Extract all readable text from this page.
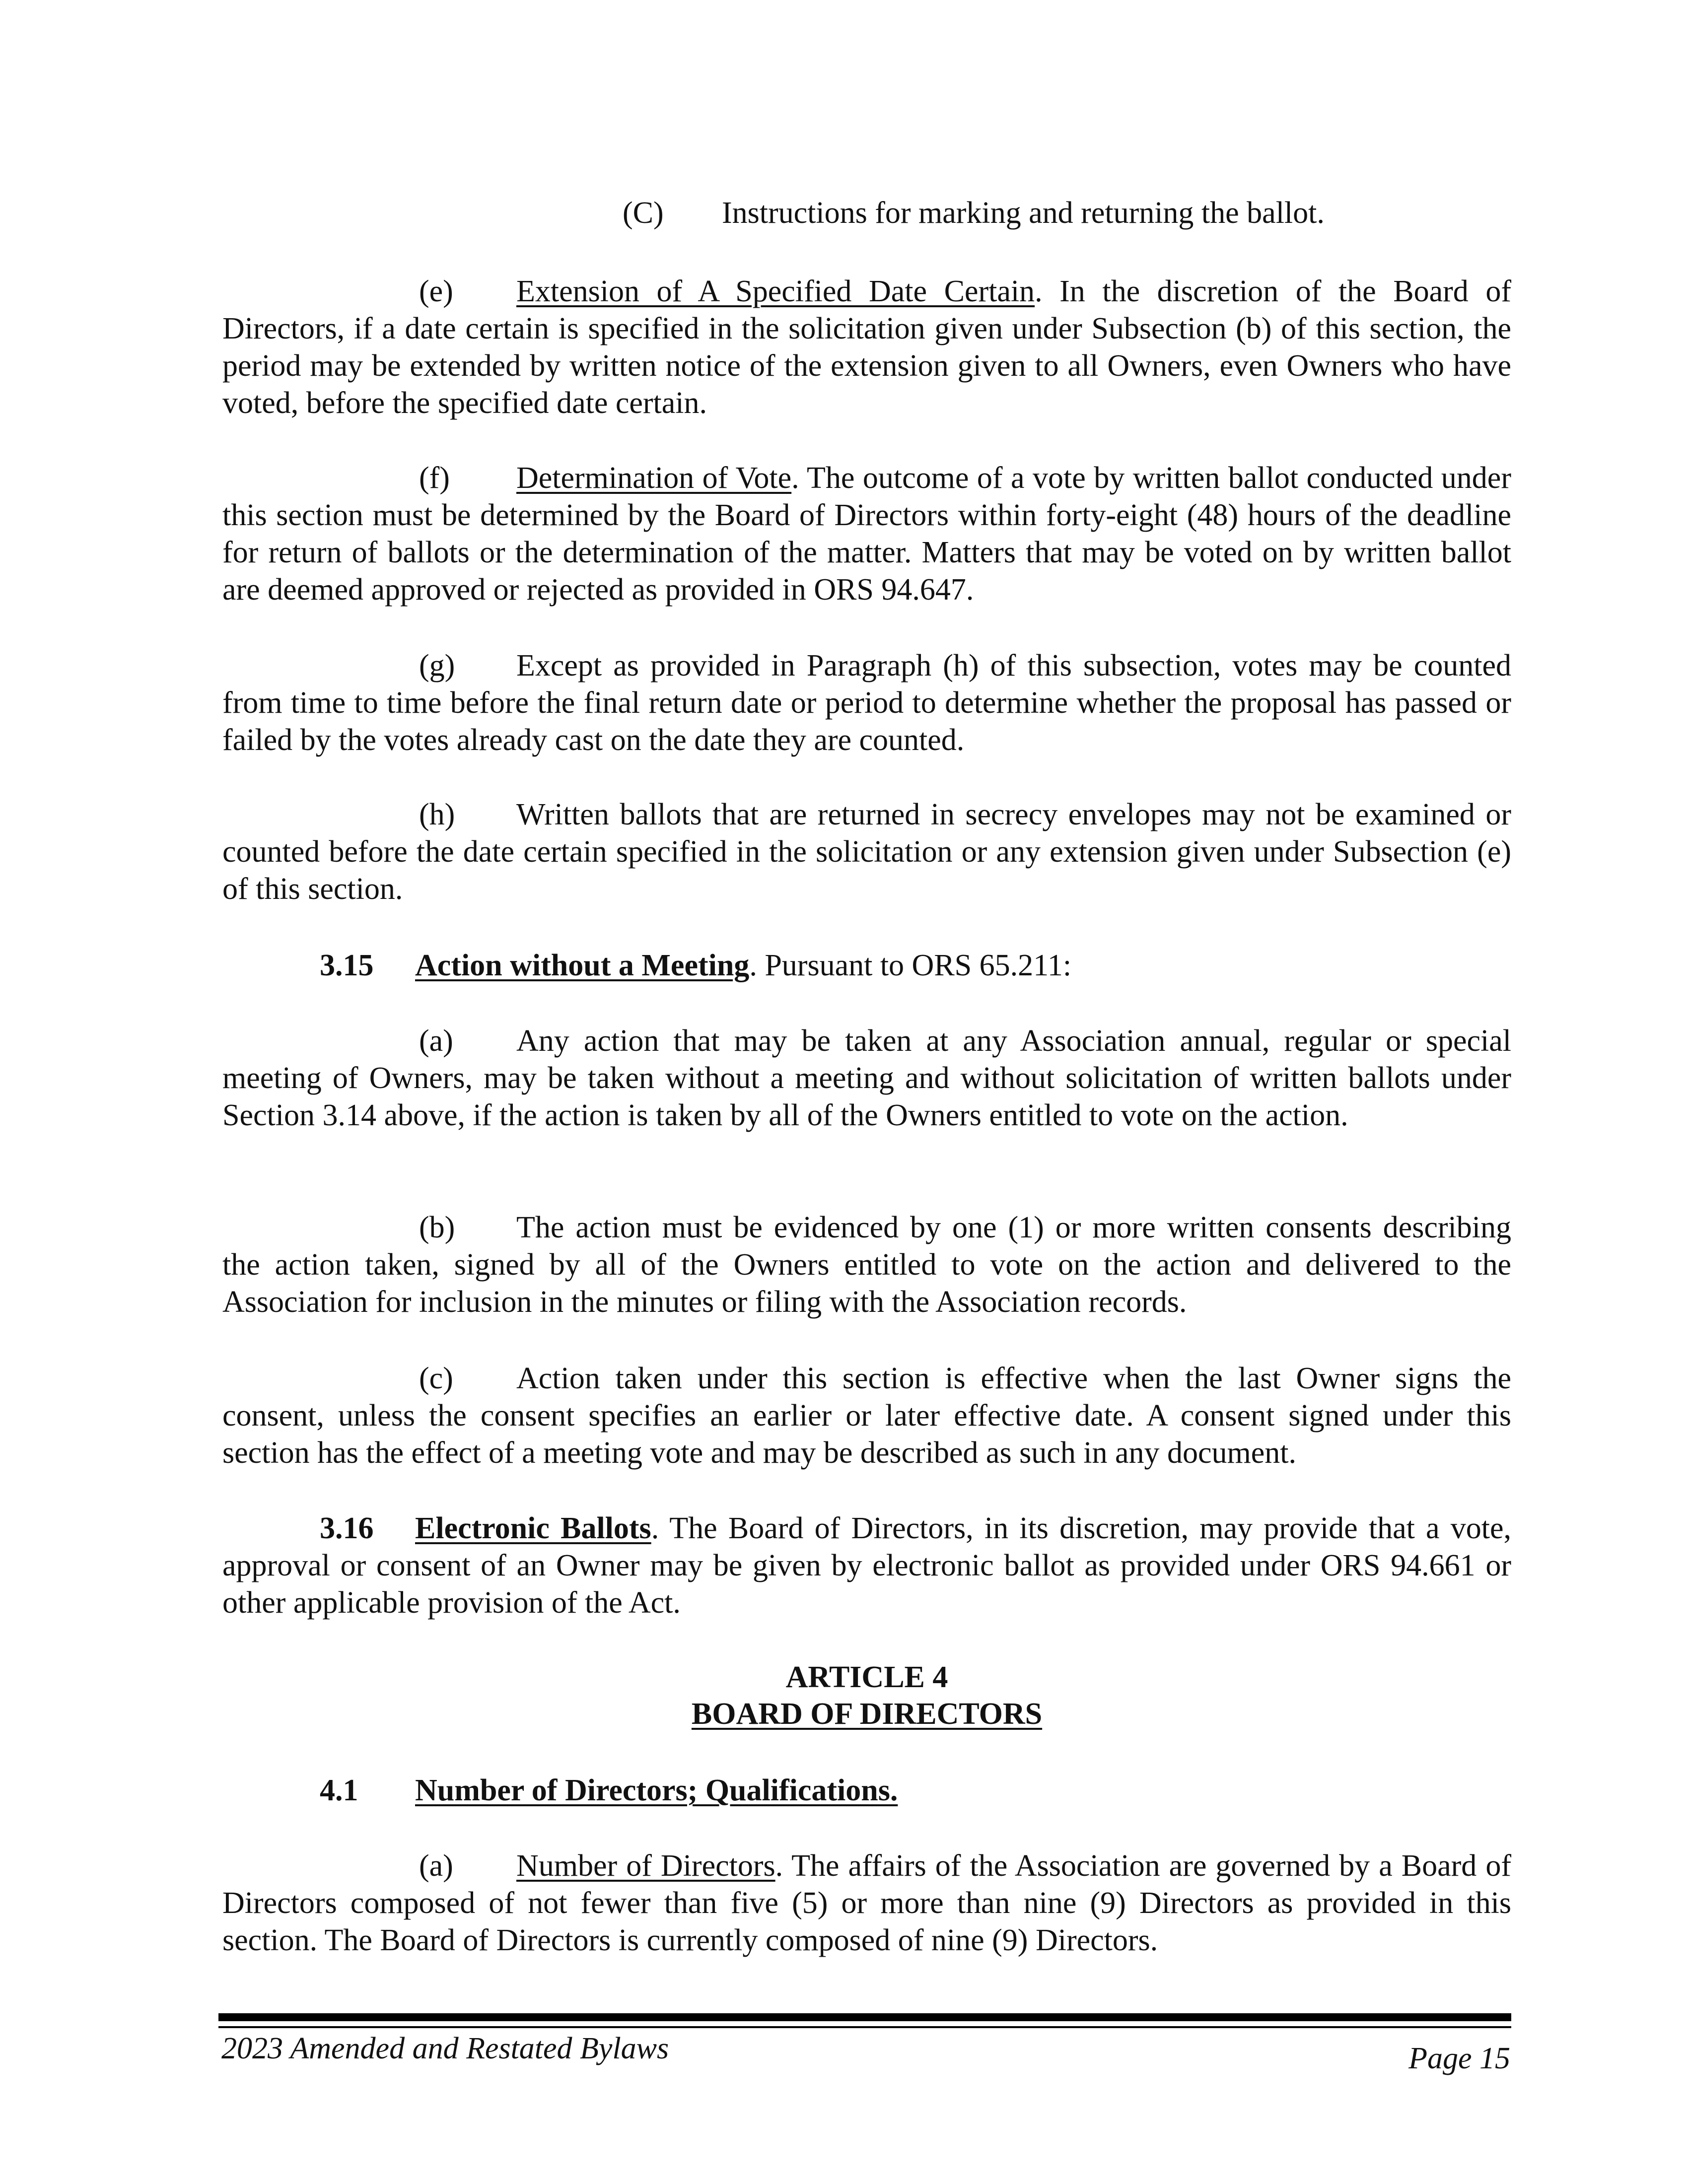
(C) Instructions for marking and returning the ballot.
(e) Extension of A Specified Date Certain. In the discretion of the Board of Directors, if a date certain is specified in the solicitation given under Subsection (b) of this section, the period may be extended by written notice of the extension given to all Owners, even Owners who have voted, before the specified date certain.
(f) Determination of Vote. The outcome of a vote by written ballot conducted under this section must be determined by the Board of Directors within forty-eight (48) hours of the deadline for return of ballots or the determination of the matter. Matters that may be voted on by written ballot are deemed approved or rejected as provided in ORS 94.647.
(g) Except as provided in Paragraph (h) of this subsection, votes may be counted from time to time before the final return date or period to determine whether the proposal has passed or failed by the votes already cast on the date they are counted.
(h) Written ballots that are returned in secrecy envelopes may not be examined or counted before the date certain specified in the solicitation or any extension given under Subsection (e) of this section.
3.15 Action without a Meeting. Pursuant to ORS 65.211:
(a) Any action that may be taken at any Association annual, regular or special meeting of Owners, may be taken without a meeting and without solicitation of written ballots under Section 3.14 above, if the action is taken by all of the Owners entitled to vote on the action.
(b) The action must be evidenced by one (1) or more written consents describing the action taken, signed by all of the Owners entitled to vote on the action and delivered to the Association for inclusion in the minutes or filing with the Association records.
(c) Action taken under this section is effective when the last Owner signs the consent, unless the consent specifies an earlier or later effective date. A consent signed under this section has the effect of a meeting vote and may be described as such in any document.
3.16 Electronic Ballots. The Board of Directors, in its discretion, may provide that a vote, approval or consent of an Owner may be given by electronic ballot as provided under ORS 94.661 or other applicable provision of the Act.
ARTICLE 4
BOARD OF DIRECTORS
4.1 Number of Directors; Qualifications.
(a) Number of Directors. The affairs of the Association are governed by a Board of Directors composed of not fewer than five (5) or more than nine (9) Directors as provided in this section. The Board of Directors is currently composed of nine (9) Directors.
2023 Amended and Restated Bylaws	Page 15
